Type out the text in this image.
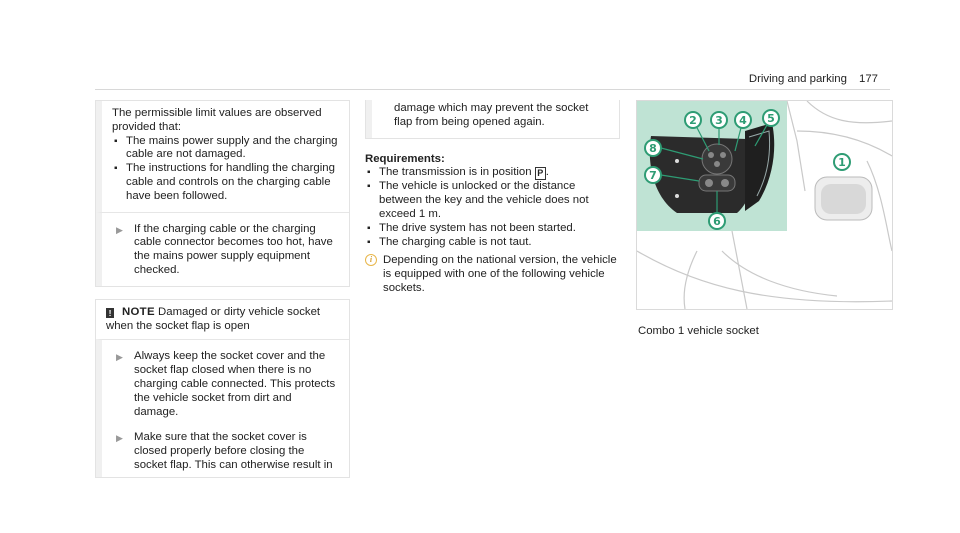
Driving and parking 177

The permissible limit values are observed provided that:

▪ The mains power supply and the charging cable are not damaged.
▪ The instructions for handling the charging cable and controls on the charging cable have been followed.
▶ If the charging cable or the charging cable connector becomes too hot, have the mains power supply equipment checked.
! NOTE Damaged or dirty vehicle socket when the socket flap is open
▶ Always keep the socket cover and the socket flap closed when there is no charging cable connected. This protects the vehicle socket from dirt and damage.
▶ Make sure that the socket cover is closed properly before closing the socket flap. This can otherwise result in

damage which may prevent the socket flap from being opened again.

Requirements:

▪ The transmission is in position P .
▪ The vehicle is unlocked or the distance between the key and the vehicle does not exceed 1 m.
▪ The drive system has not been started.
▪ The charging cable is not taut.
i Depending on the national version, the vehicle is equipped with one of the following vehicle sockets.
2 3 4 5
8
7
6
1

Combo 1 vehicle socket
